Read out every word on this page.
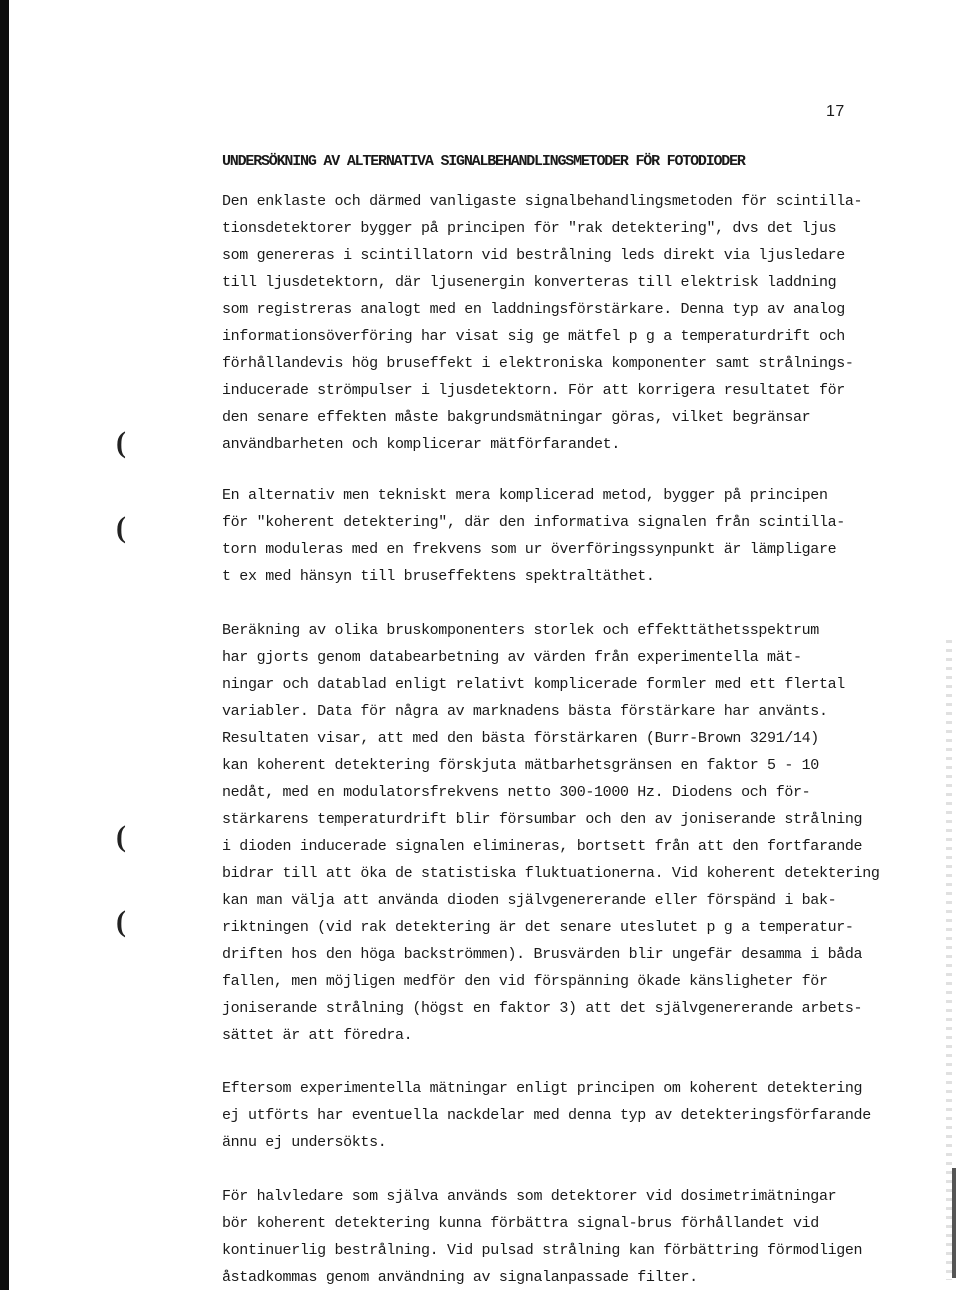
17
UNDERSÖKNING AV ALTERNATIVA SIGNALBEHANDLINGSMETODER FÖR FOTODIODER
Den enklaste och därmed vanligaste signalbehandlingsmetoden för scintilla-
tionsdetektorer bygger på principen för "rak detektering", dvs det ljus
som genereras i scintillatorn vid bestrålning leds direkt via ljusledare
till ljusdetektorn, där ljusenergin konverteras till elektrisk laddning
som registreras analogt med en laddningsförstärkare. Denna typ av analog
informationsöverföring har visat sig ge mätfel p g a temperaturdrift och
förhållandevis hög bruseffekt i elektroniska komponenter samt strålnings-
inducerade strömpulser i ljusdetektorn. För att korrigera resultatet för
den senare effekten måste bakgrundsmätningar göras, vilket begränsar
användbarheten och komplicerar mätförfarandet.
En alternativ men tekniskt mera komplicerad metod, bygger på principen
för "koherent detektering", där den informativa signalen från scintilla-
torn moduleras med en frekvens som ur överföringssynpunkt är lämpligare
t ex med hänsyn till bruseffektens spektraltäthet.
Beräkning av olika bruskomponenters storlek och effekttäthetsspektrum
har gjorts genom databearbetning av värden från experimentella mät-
ningar och datablad enligt relativt komplicerade formler med ett flertal
variabler. Data för några av marknadens bästa förstärkare har använts.
Resultaten visar, att med den bästa förstärkaren (Burr-Brown 3291/14)
kan koherent detektering förskjuta mätbarhetsgränsen en faktor 5 - 10
nedåt, med en modulatorsfrekvens netto 300-1000 Hz. Diodens och för-
stärkarens temperaturdrift blir försumbar och den av joniserande strålning
i dioden inducerade signalen elimineras, bortsett från att den fortfarande
bidrar till att öka de statistiska fluktuationerna. Vid koherent detektering
kan man välja att använda dioden självgenererande eller förspänd i bak-
riktningen (vid rak detektering är det senare uteslutet p g a temperatur-
driften hos den höga backströmmen). Brusvärden blir ungefär desamma i båda
fallen, men möjligen medför den vid förspänning ökade känsligheter för
joniserande strålning (högst en faktor 3) att det självgenererande arbets-
sättet är att föredra.
Eftersom experimentella mätningar enligt principen om koherent detektering
ej utförts har eventuella nackdelar med denna typ av detekteringsförfarande
ännu ej undersökts.
För halvledare som själva används som detektorer vid dosimetrimätningar
bör koherent detektering kunna förbättra signal-brus förhållandet vid
kontinuerlig bestrålning. Vid pulsad strålning kan förbättring förmodligen
åstadkommas genom användning av signalanpassade filter.
(
(
(
(
